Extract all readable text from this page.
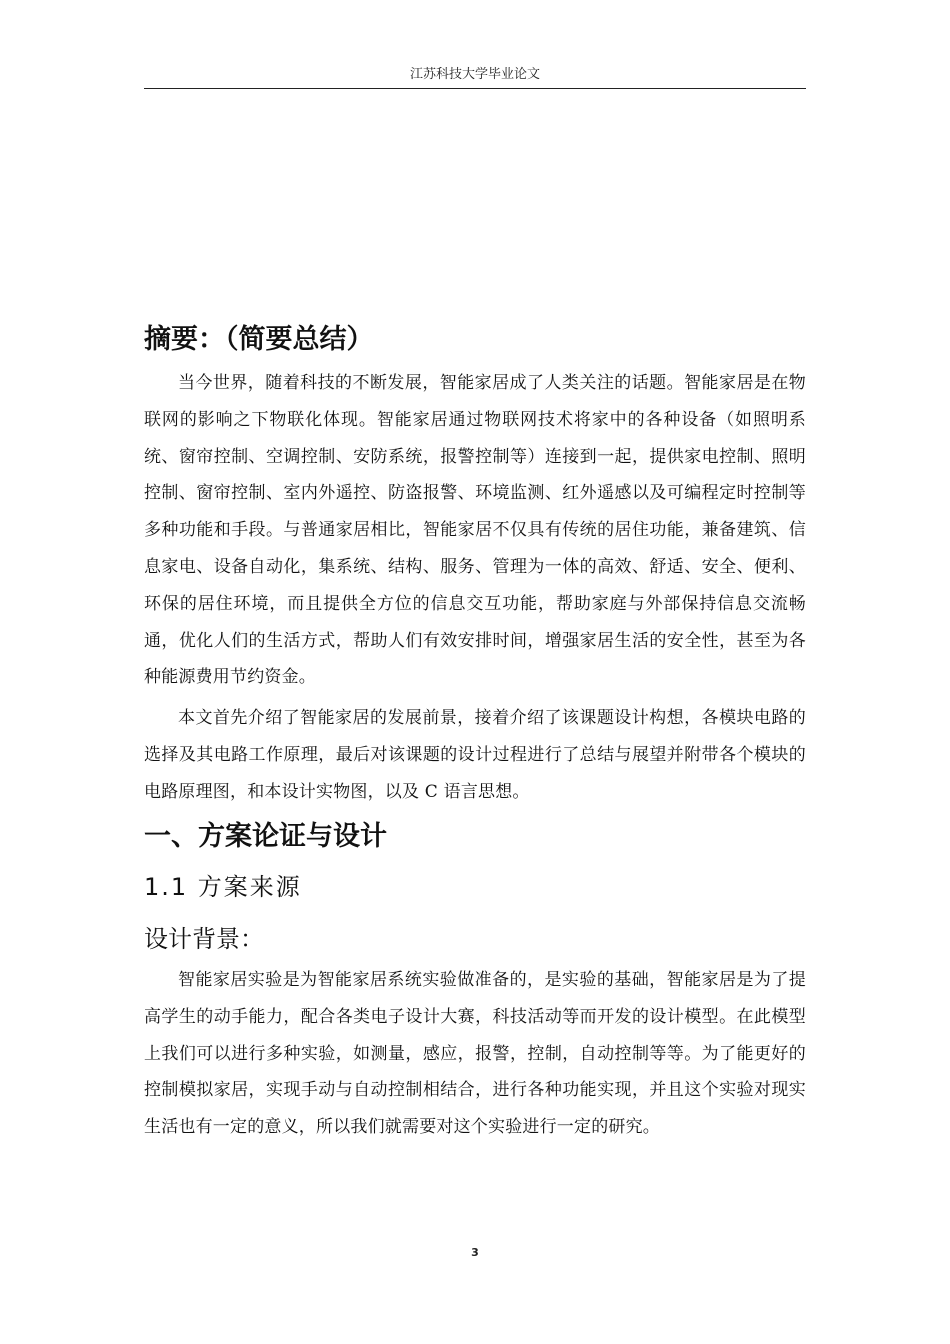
江苏科技大学毕业论文
摘要：（简要总结）

当今世界，随着科技的不断发展，智能家居成了人类关注的话题。智能家居是在物联网的影响之下物联化体现。智能家居通过物联网技术将家中的各种设备（如照明系统、窗帘控制、空调控制、安防系统，报警控制等）连接到一起，提供家电控制、照明控制、窗帘控制、室内外遥控、防盗报警、环境监测、红外遥感以及可编程定时控制等多种功能和手段。与普通家居相比，智能家居不仅具有传统的居住功能，兼备建筑、信息家电、设备自动化，集系统、结构、服务、管理为一体的高效、舒适、安全、便利、环保的居住环境，而且提供全方位的信息交互功能，帮助家庭与外部保持信息交流畅通，优化人们的生活方式，帮助人们有效安排时间，增强家居生活的安全性，甚至为各种能源费用节约资金。

本文首先介绍了智能家居的发展前景，接着介绍了该课题设计构想，各模块电路的选择及其电路工作原理，最后对该课题的设计过程进行了总结与展望并附带各个模块的电路原理图，和本设计实物图，以及 C 语言思想。

一、方案论证与设计
1.1 方案来源
设计背景：

智能家居实验是为智能家居系统实验做准备的，是实验的基础，智能家居是为了提高学生的动手能力，配合各类电子设计大赛，科技活动等而开发的设计模型。在此模型上我们可以进行多种实验，如测量，感应，报警，控制，自动控制等等。为了能更好的控制模拟家居，实现手动与自动控制相结合，进行各种功能实现，并且这个实验对现实生活也有一定的意义，所以我们就需要对这个实验进行一定的研究。

3
